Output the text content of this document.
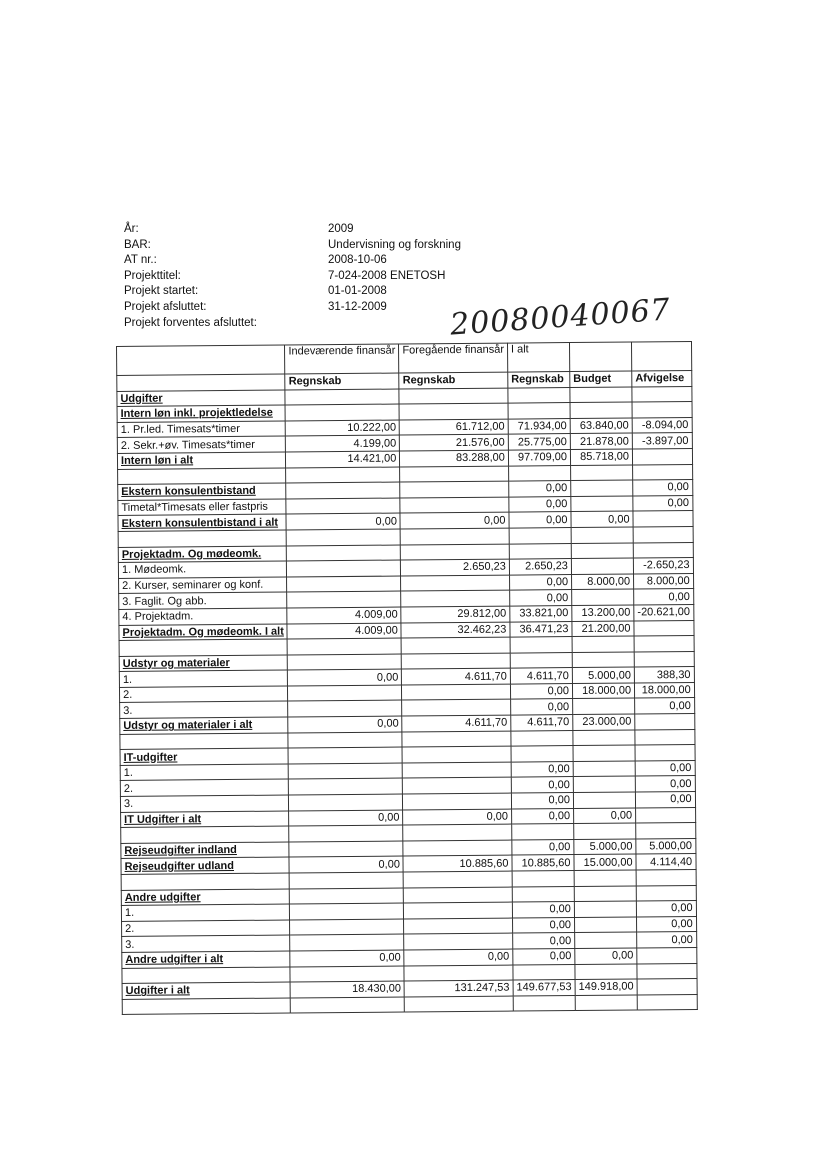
År:	2009
BAR:	Undervisning og forskning
AT nr.:	2008-10-06
Projekttitel:	7-024-2008 ENETOSH
Projekt startet:	01-01-2008
Projekt afsluttet:	31-12-2009
Projekt forventes afsluttet:	20080040067
	Indeværende finansår	Foregående finansår	I alt		
	Regnskab	Regnskab	Regnskab	Budget	Afvigelse
Udgifter					
Intern løn inkl. projektledelse					
1. Pr.led. Timesats*timer	10.222,00	61.712,00	71.934,00	63.840,00	-8.094,00
2. Sekr.+øv. Timesats*timer	4.199,00	21.576,00	25.775,00	21.878,00	-3.897,00
Intern løn i alt	14.421,00	83.288,00	97.709,00	85.718,00	

Ekstern konsulentbistand			0,00		0,00
Timetal*Timesats eller fastpris			0,00		0,00
Ekstern konsulentbistand i alt	0,00	0,00	0,00	0,00	

Projektadm. Og mødeomk.					
1. Mødeomk.		2.650,23	2.650,23		-2.650,23
2. Kurser, seminarer og konf.			0,00	8.000,00	8.000,00
3. Faglit. Og abb.			0,00		0,00
4. Projektadm.	4.009,00	29.812,00	33.821,00	13.200,00	-20.621,00
Projektadm. Og mødeomk. I alt	4.009,00	32.462,23	36.471,23	21.200,00	

Udstyr og materialer					
1.	0,00	4.611,70	4.611,70	5.000,00	388,30
2.			0,00	18.000,00	18.000,00
3.			0,00		0,00
Udstyr og materialer i alt	0,00	4.611,70	4.611,70	23.000,00	

IT-udgifter					
1.			0,00		0,00
2.			0,00		0,00
3.			0,00		0,00
IT Udgifter i alt	0,00	0,00	0,00	0,00	

Rejseudgifter indland			0,00	5.000,00	5.000,00
Rejseudgifter udland	0,00	10.885,60	10.885,60	15.000,00	4.114,40

Andre udgifter					
1.			0,00		0,00
2.			0,00		0,00
3.			0,00		0,00
Andre udgifter i alt	0,00	0,00	0,00	0,00	

Udgifter i alt	18.430,00	131.247,53	149.677,53	149.918,00	
